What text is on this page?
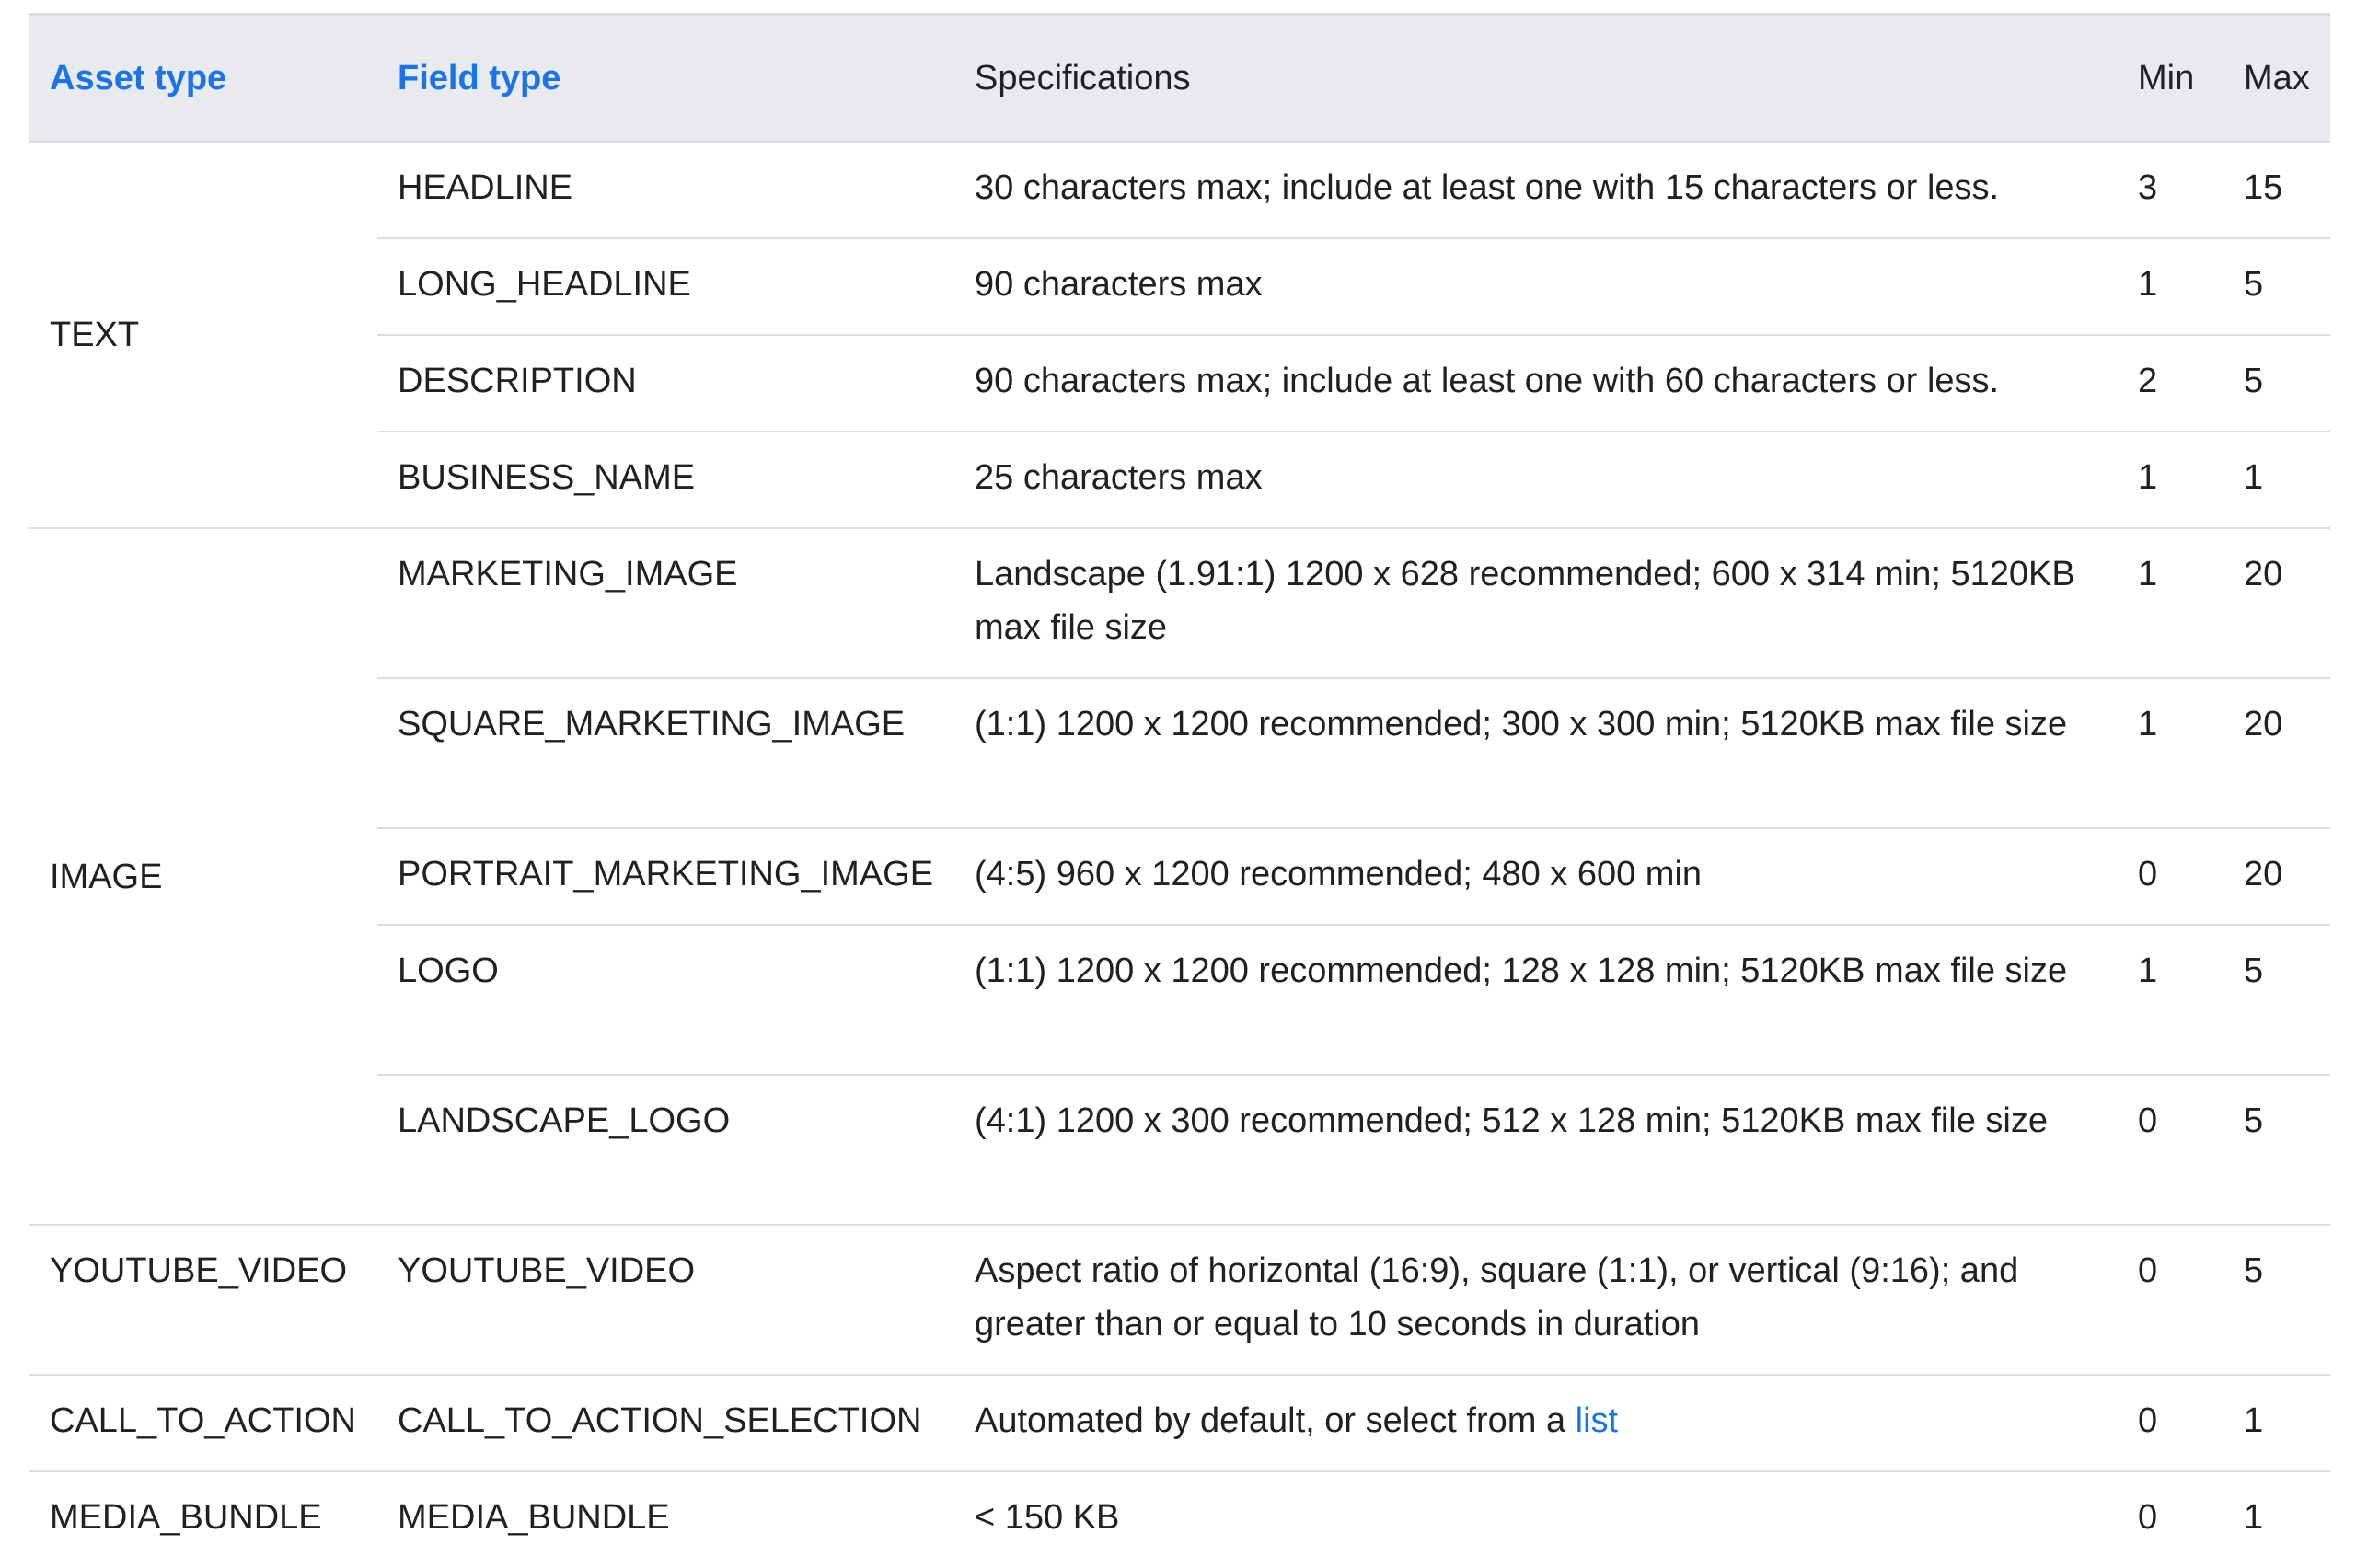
Asset type	Field type	Specifications	Min	Max
TEXT	HEADLINE	30 characters max; include at least one with 15 characters or less.	3	15
	LONG_HEADLINE	90 characters max	1	5
	DESCRIPTION	90 characters max; include at least one with 60 characters or less.	2	5
	BUSINESS_NAME	25 characters max	1	1
IMAGE	MARKETING_IMAGE	Landscape (1.91:1) 1200 x 628 recommended; 600 x 314 min; 5120KB max file size	1	20
	SQUARE_MARKETING_IMAGE	(1:1) 1200 x 1200 recommended; 300 x 300 min; 5120KB max file size	1	20
	PORTRAIT_MARKETING_IMAGE	(4:5) 960 x 1200 recommended; 480 x 600 min	0	20
	LOGO	(1:1) 1200 x 1200 recommended; 128 x 128 min; 5120KB max file size	1	5
	LANDSCAPE_LOGO	(4:1) 1200 x 300 recommended; 512 x 128 min; 5120KB max file size	0	5
YOUTUBE_VIDEO	YOUTUBE_VIDEO	Aspect ratio of horizontal (16:9), square (1:1), or vertical (9:16); and greater than or equal to 10 seconds in duration	0	5
CALL_TO_ACTION	CALL_TO_ACTION_SELECTION	Automated by default, or select from a list	0	1
MEDIA_BUNDLE	MEDIA_BUNDLE	< 150 KB	0	1
